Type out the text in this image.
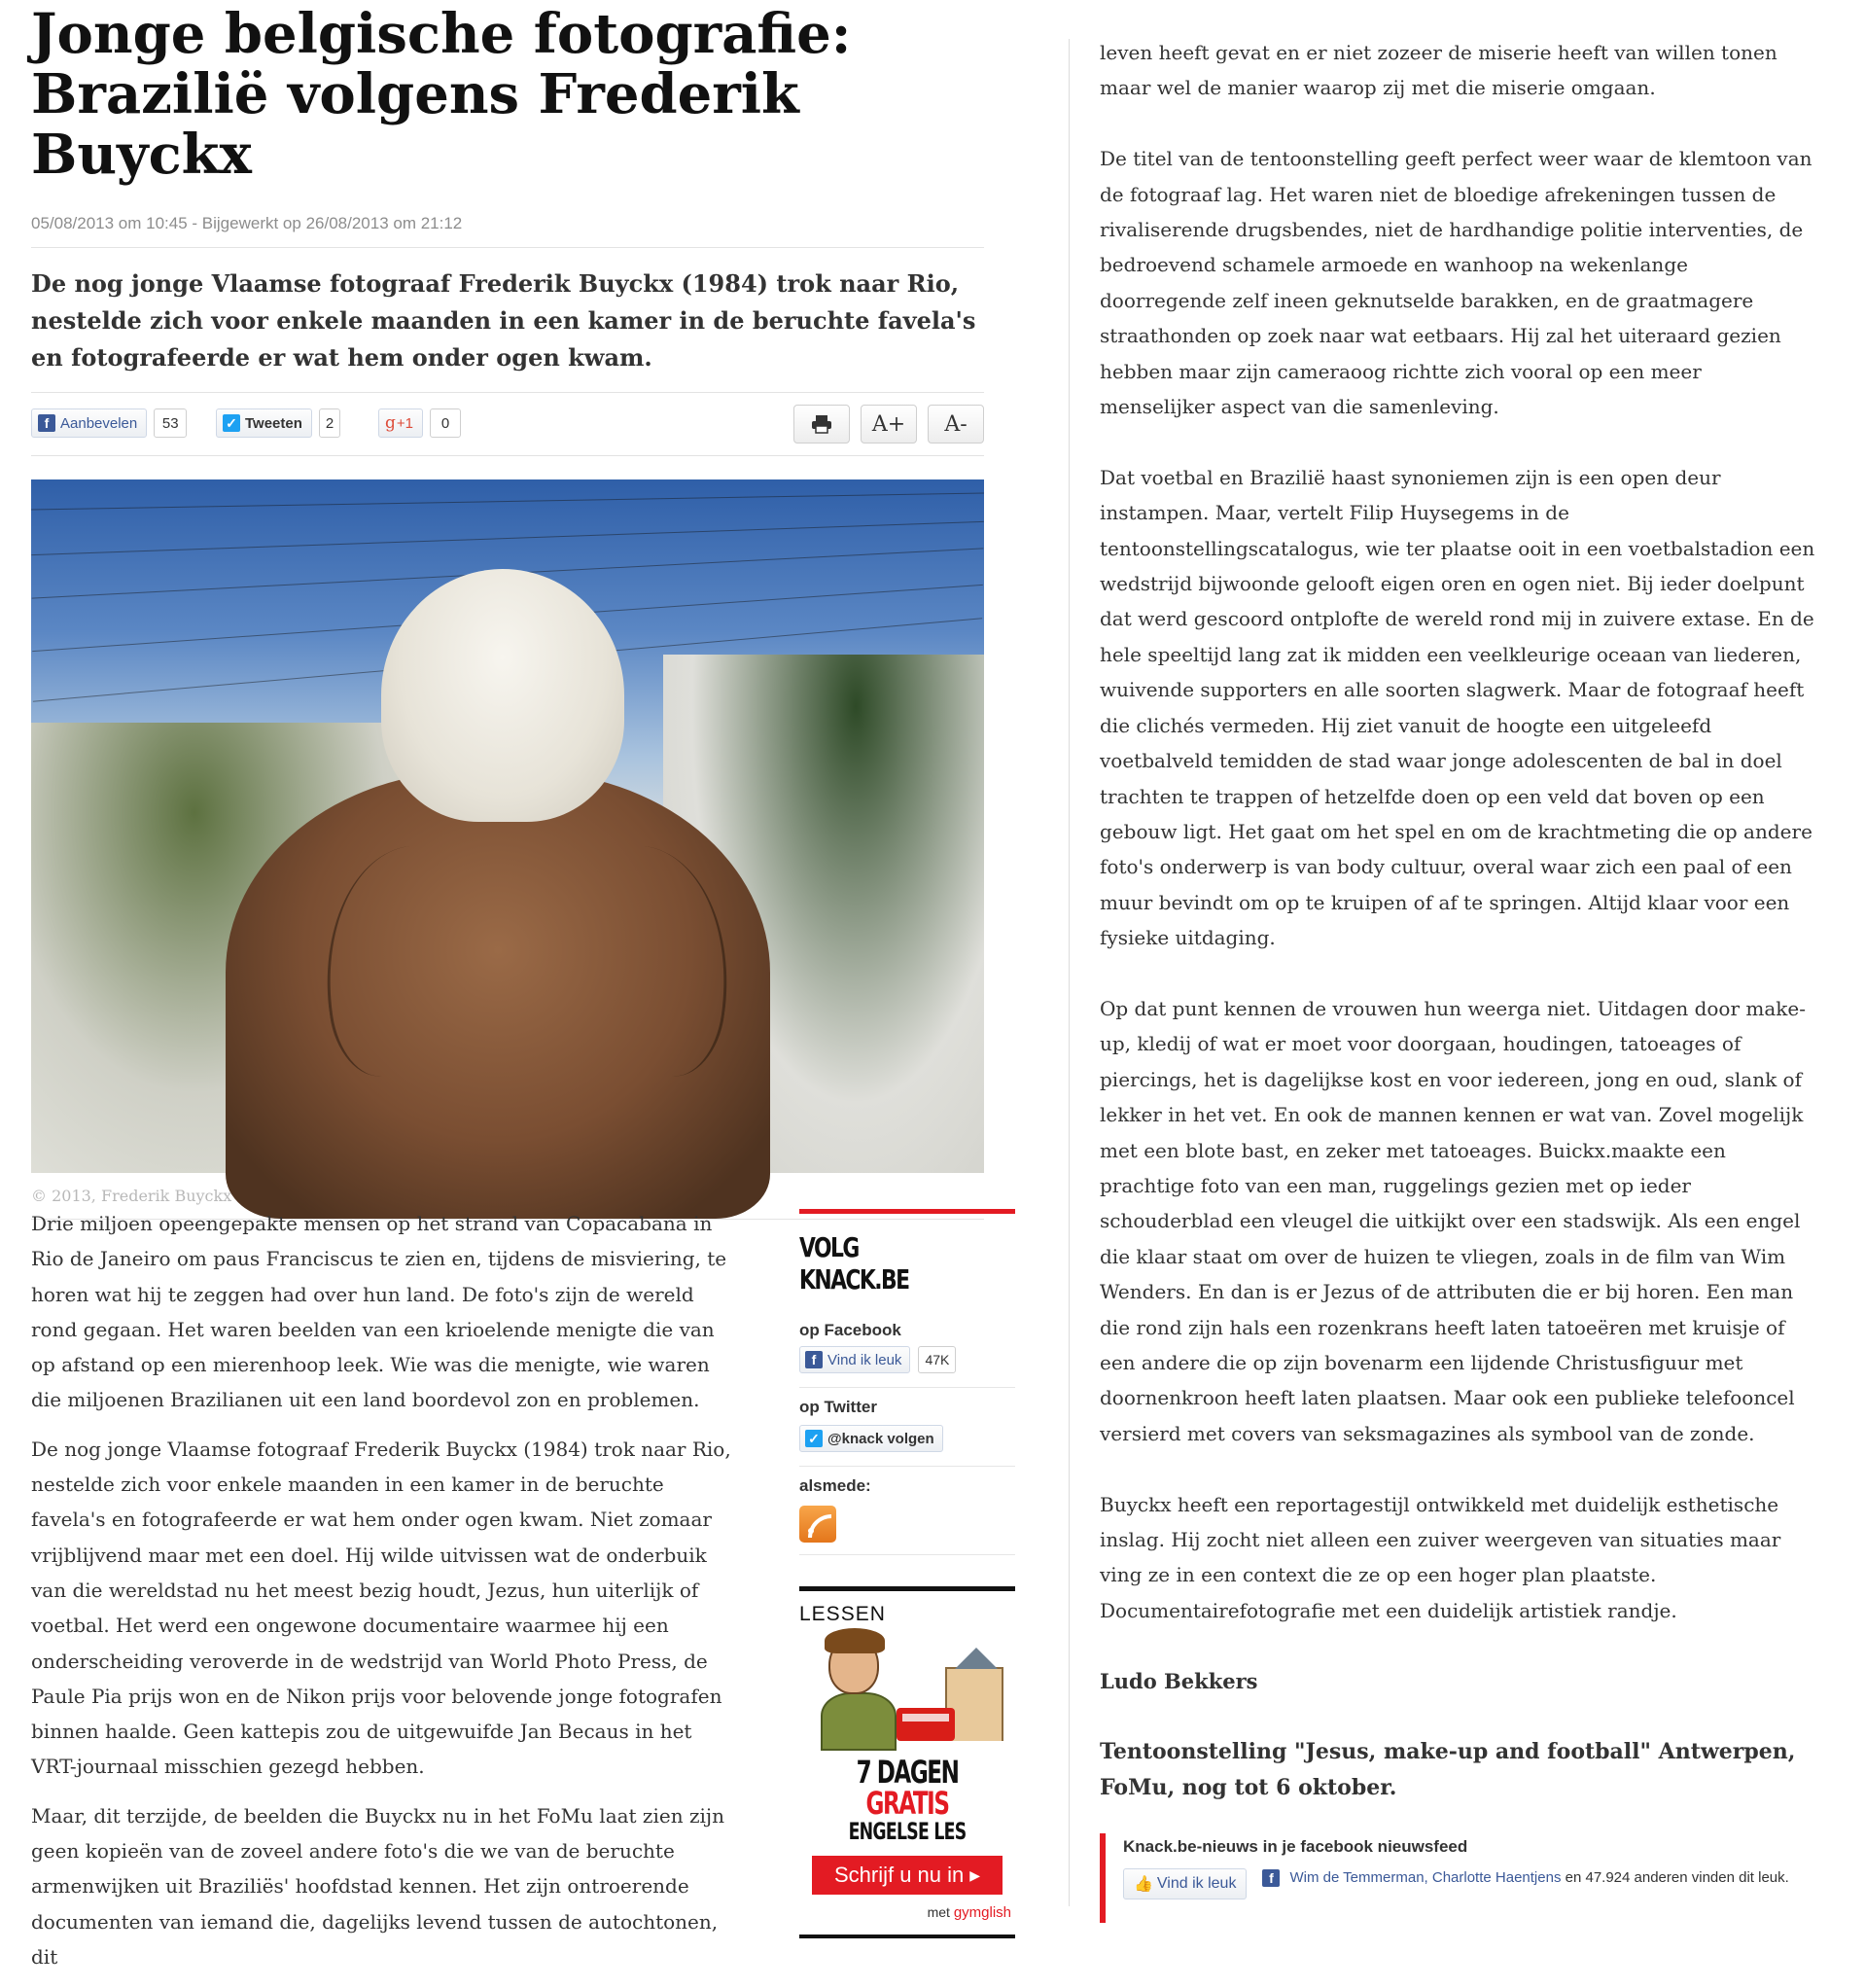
Jonge belgische fotografie: Brazilië volgens Frederik Buyckx
05/08/2013 om 10:45 - Bijgewerkt op 26/08/2013 om 21:12
De nog jonge Vlaamse fotograaf Frederik Buyckx (1984) trok naar Rio, nestelde zich voor enkele maanden in een kamer in de beruchte favela's en fotografeerde er wat hem onder ogen kwam.
f Aanbevelen	53	✓ Tweeten	2	g +1	0	A+ A-
© 2013, Frederik Buyckx

Drie miljoen opeengepakte mensen op het strand van Copacabana in Rio de Janeiro om paus Franciscus te zien en, tijdens de misviering, te horen wat hij te zeggen had over hun land. De foto's zijn de wereld rond gegaan. Het waren beelden van een krioelende menigte die van op afstand op een mierenhoop leek. Wie was die menigte, wie waren die miljoenen Brazilianen uit een land boordevol zon en problemen.

De nog jonge Vlaamse fotograaf Frederik Buyckx (1984) trok naar Rio, nestelde zich voor enkele maanden in een kamer in de beruchte favela's en fotografeerde er wat hem onder ogen kwam. Niet zomaar vrijblijvend maar met een doel. Hij wilde uitvissen wat de onderbuik van die wereldstad nu het meest bezig houdt, Jezus, hun uiterlijk of voetbal. Het werd een ongewone documentaire waarmee hij een onderscheiding veroverde in de wedstrijd van World Photo Press, de Paule Pia prijs won en de Nikon prijs voor belovende jonge fotografen binnen haalde. Geen kattepis zou de uitgewuifde Jan Becaus in het VRT-journaal misschien gezegd hebben.

Maar, dit terzijde, de beelden die Buyckx nu in het FoMu laat zien zijn geen kopieën van de zoveel andere foto's die we van de beruchte armenwijken uit Braziliës' hoofdstad kennen. Het zijn ontroerende documenten van iemand die, dagelijks levend tussen de autochtonen, dit

VOLG KNACK.BE
op Facebook
f Vind ik leuk	47K
op Twitter
✓ @knack volgen
alsmede:
LESSEN
7 DAGEN GRATIS
ENGELSE LES
Schrijf u nu in ▶
met gymglish

leven heeft gevat en er niet zozeer de miserie heeft van willen tonen maar wel de manier waarop zij met die miserie omgaan.

De titel van de tentoonstelling geeft perfect weer waar de klemtoon van de fotograaf lag. Het waren niet de bloedige afrekeningen tussen de rivaliserende drugsbendes, niet de hardhandige politie interventies, de bedroevend schamele armoede en wanhoop na wekenlange doorregende zelf ineen geknutselde barakken, en de graatmagere straathonden op zoek naar wat eetbaars. Hij zal het uiteraard gezien hebben maar zijn cameraoog richtte zich vooral op een meer menselijker aspect van die samenleving.

Dat voetbal en Brazilië haast synoniemen zijn is een open deur instampen. Maar, vertelt Filip Huysegems in de tentoonstellingscatalogus, wie ter plaatse ooit in een voetbalstadion een wedstrijd bijwoonde gelooft eigen oren en ogen niet. Bij ieder doelpunt dat werd gescoord ontplofte de wereld rond mij in zuivere extase. En de hele speeltijd lang zat ik midden een veelkleurige oceaan van liederen, wuivende supporters en alle soorten slagwerk. Maar de fotograaf heeft die clichés vermeden. Hij ziet vanuit de hoogte een uitgeleefd voetbalveld temidden de stad waar jonge adolescenten de bal in doel trachten te trappen of hetzelfde doen op een veld dat boven op een gebouw ligt. Het gaat om het spel en om de krachtmeting die op andere foto's onderwerp is van body cultuur, overal waar zich een paal of een muur bevindt om op te kruipen of af te springen. Altijd klaar voor een fysieke uitdaging.

Op dat punt kennen de vrouwen hun weerga niet. Uitdagen door make-up, kledij of wat er moet voor doorgaan, houdingen, tatoeages of piercings, het is dagelijkse kost en voor iedereen, jong en oud, slank of lekker in het vet. En ook de mannen kennen er wat van. Zovel mogelijk met een blote bast, en zeker met tatoeages. Buickx.maakte een prachtige foto van een man, ruggelings gezien met op ieder schouderblad een vleugel die uitkijkt over een stadswijk. Als een engel die klaar staat om over de huizen te vliegen, zoals in de film van Wim Wenders. En dan is er Jezus of de attributen die er bij horen. Een man die rond zijn hals een rozenkrans heeft laten tatoeëren met kruisje of een andere die op zijn bovenarm een lijdende Christusfiguur met doornenkroon heeft laten plaatsen. Maar ook een publieke telefooncel versierd met covers van seksmagazines als symbool van de zonde.

Buyckx heeft een reportagestijl ontwikkeld met duidelijk esthetische inslag. Hij zocht niet alleen een zuiver weergeven van situaties maar ving ze in een context die ze op een hoger plan plaatste. Documentairefotografie met een duidelijk artistiek randje.

Ludo Bekkers

Tentoonstelling "Jesus, make-up and football" Antwerpen, FoMu, nog tot 6 oktober.

Knack.be-nieuws in je facebook nieuwsfeed
👍 Vind ik leuk	f	Wim de Temmerman, Charlotte Haentjens en 47.924 anderen vinden dit leuk.
